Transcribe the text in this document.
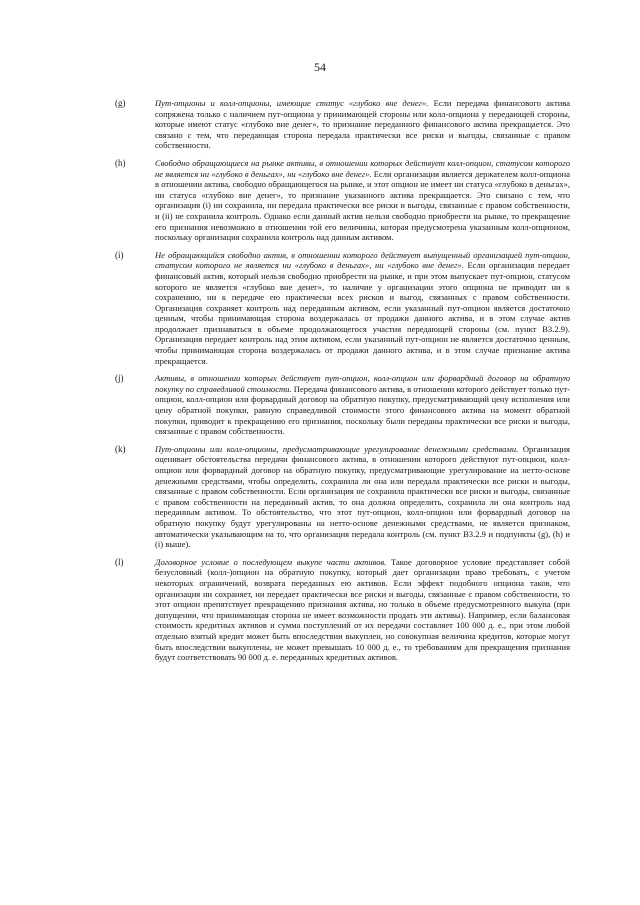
54
(g)	Пут-опционы и колл-опционы, имеющие статус «глубоко вне денег». Если передача финансового актива сопряжена только с наличием пут-опциона у принимающей стороны или колл-опциона у передающей стороны, которые имеют статус «глубоко вне денег», то признание переданного финансового актива прекращается. Это связано с тем, что передающая сторона передала практически все риски и выгоды, связанные с правом собственности.

(h)	Свободно обращающиеся на рынке активы, в отношении которых действует колл-опцион, статусом которого не является ни «глубоко в деньгах», ни «глубоко вне денег». Если организация является держателем колл-опциона в отношении актива, свободно обращающегося на рынке, и этот опцион не имеет ни статуса «глубоко в деньгах», ни статуса «глубоко вне денег», то признание указанного актива прекращается. Это связано с тем, что организация (i) ни сохранила, ни передала практически все риски и выгоды, связанные с правом собственности, и (ii) не сохранила контроль. Однако если данный актив нельзя свободно приобрести на рынке, то прекращение его признания невозможно в отношении той его величины, которая предусмотрена указанным колл-опционом, поскольку организация сохранила контроль над данным активом.

(i)	Не обращающийся свободно актив, в отношении которого действует выпущенный организацией пут-опцион, статусом которого не является ни «глубоко в деньгах», ни «глубоко вне денег». Если организация передает финансовый актив, который нельзя свободно приобрести на рынке, и при этом выпускает пут-опцион, статусом которого не является «глубоко вне денег», то наличие у организации этого опциона не приводит ни к сохранению, ни к передаче ею практически всех рисков и выгод, связанных с правом собственности. Организация сохраняет контроль над переданным активом, если указанный пут-опцион является достаточно ценным, чтобы принимающая сторона воздержалась от продажи данного актива, и в этом случае актив продолжает признаваться в объеме продолжающегося участия передающей стороны (см. пункт B3.2.9). Организация передает контроль над этим активом, если указанный пут-опцион не является достаточно ценным, чтобы принимающая сторона воздержалась от продажи данного актива, и в этом случае признание актива прекращается.

(j)	Активы, в отношении которых действует пут-опцион, колл-опцион или форвардный договор на обратную покупку по справедливой стоимости. Передача финансового актива, в отношении которого действует только пут-опцион, колл-опцион или форвардный договор на обратную покупку, предусматривающий цену исполнения или цену обратной покупки, равную справедливой стоимости этого финансового актива на момент обратной покупки, приводит к прекращению его признания, поскольку были переданы практически все риски и выгоды, связанные с правом собственности.

(k)	Пут-опционы или колл-опционы, предусматривающие урегулирование денежными средствами. Организация оценивает обстоятельства передачи финансового актива, в отношении которого действуют пут-опцион, колл-опцион или форвардный договор на обратную покупку, предусматривающие урегулирование на нетто-основе денежными средствами, чтобы определить, сохранила ли она или передала практически все риски и выгоды, связанные с правом собственности. Если организация не сохранила практически все риски и выгоды, связанные с правом собственности на переданный актив, то она должна определить, сохранила ли она контроль над переданным активом. То обстоятельство, что этот пут-опцион, колл-опцион или форвардный договор на обратную покупку будут урегулированы на нетто-основе денежными средствами, не является признаком, автоматически указывающим на то, что организация передала контроль (см. пункт B3.2.9 и подпункты (g), (h) и (i) выше).

(l)	Договорное условие о последующем выкупе части активов. Такое договорное условие представляет собой безусловный (колл-)опцион на обратную покупку, который дает организации право требовать, с учетом некоторых ограничений, возврата переданных ею активов. Если эффект подобного опциона таков, что организация ни сохраняет, ни передает практически все риски и выгоды, связанные с правом собственности, то этот опцион препятствует прекращению признания актива, но только в объеме предусмотренного выкупа (при допущении, что принимающая сторона не имеет возможности продать эти активы). Например, если балансовая стоимость кредитных активов и сумма поступлений от их передачи составляет 100 000 д. е., при этом любой отдельно взятый кредит может быть впоследствии выкуплен, но совокупная величина кредитов, которые могут быть впоследствии выкуплены, не может превышать 10 000 д. е., то требованиям для прекращения признания будут соответствовать 90 000 д. е. переданных кредитных активов.
